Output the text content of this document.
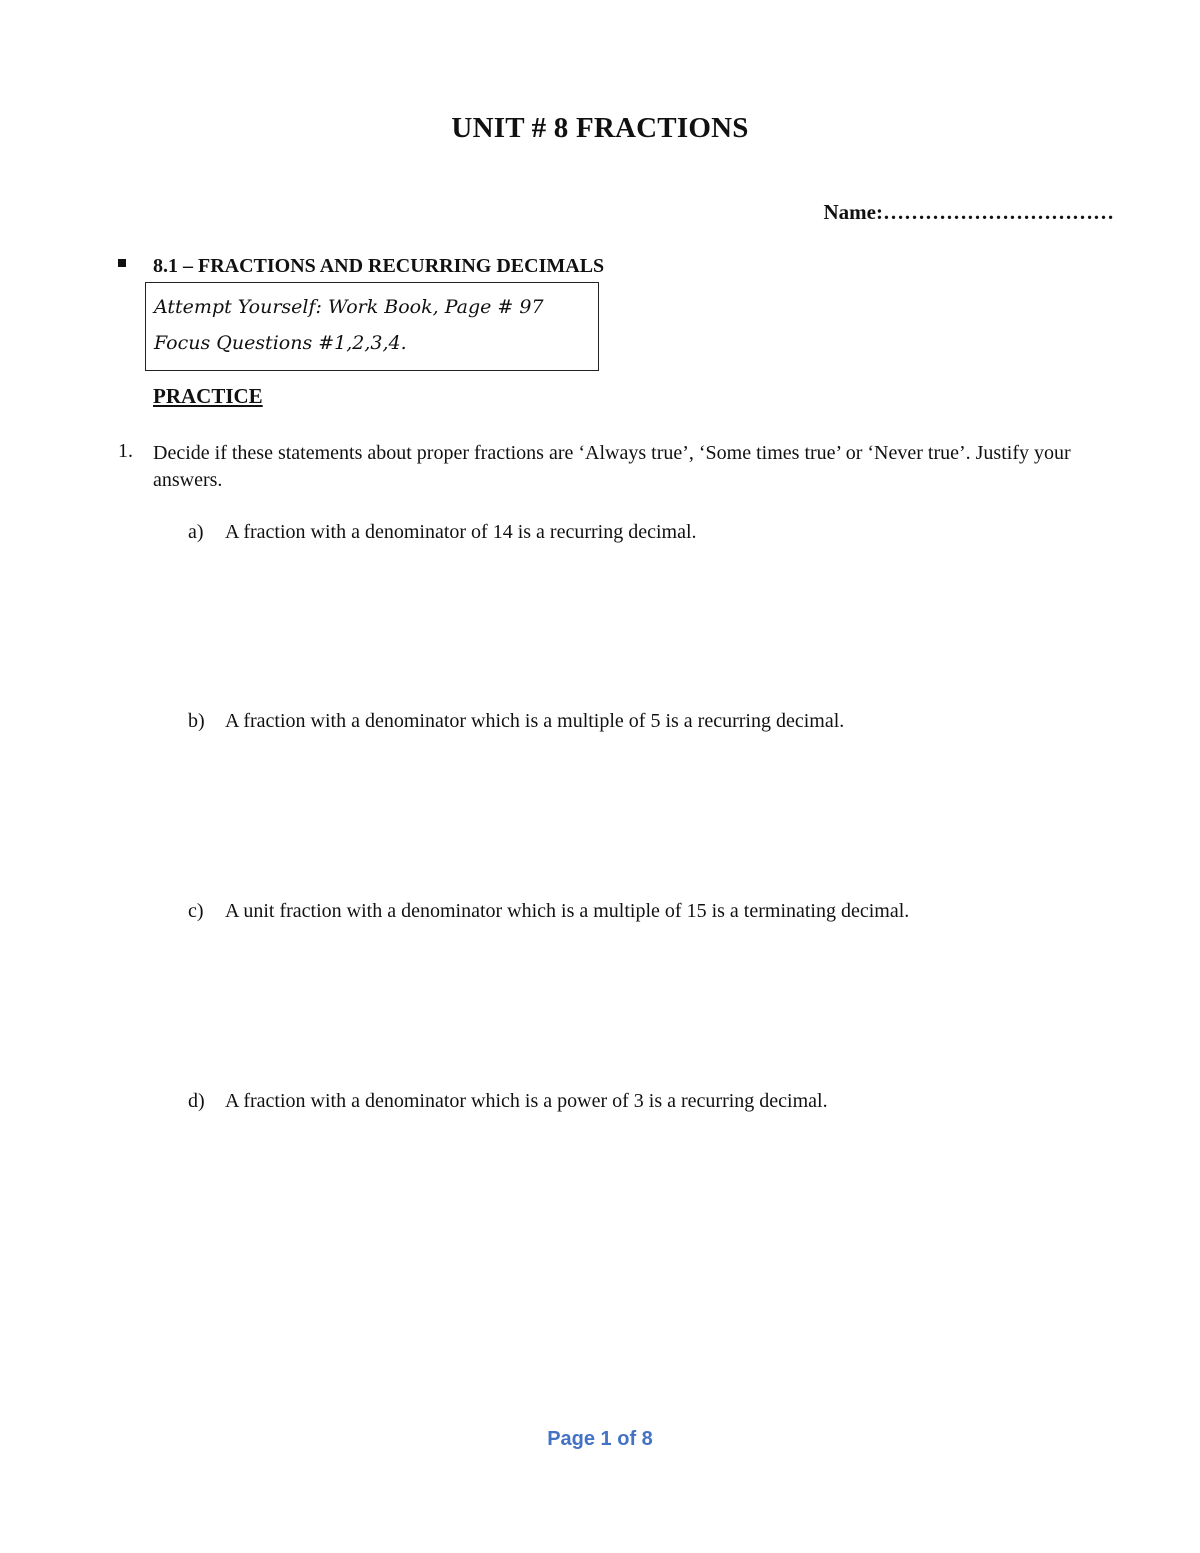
UNIT # 8 FRACTIONS
Name:……………………………
8.1 – FRACTIONS AND RECURRING DECIMALS
Attempt Yourself: Work Book, Page # 97
Focus Questions #1,2,3,4.
PRACTICE
1. Decide if these statements about proper fractions are ‘Always true’, ‘Some times true’ or ‘Never true’. Justify your answers.
a) A fraction with a denominator of 14 is a recurring decimal.
b) A fraction with a denominator which is a multiple of 5 is a recurring decimal.
c) A unit fraction with a denominator which is a multiple of 15 is a terminating decimal.
d) A fraction with a denominator which is a power of 3 is a recurring decimal.
Page 1 of 8
